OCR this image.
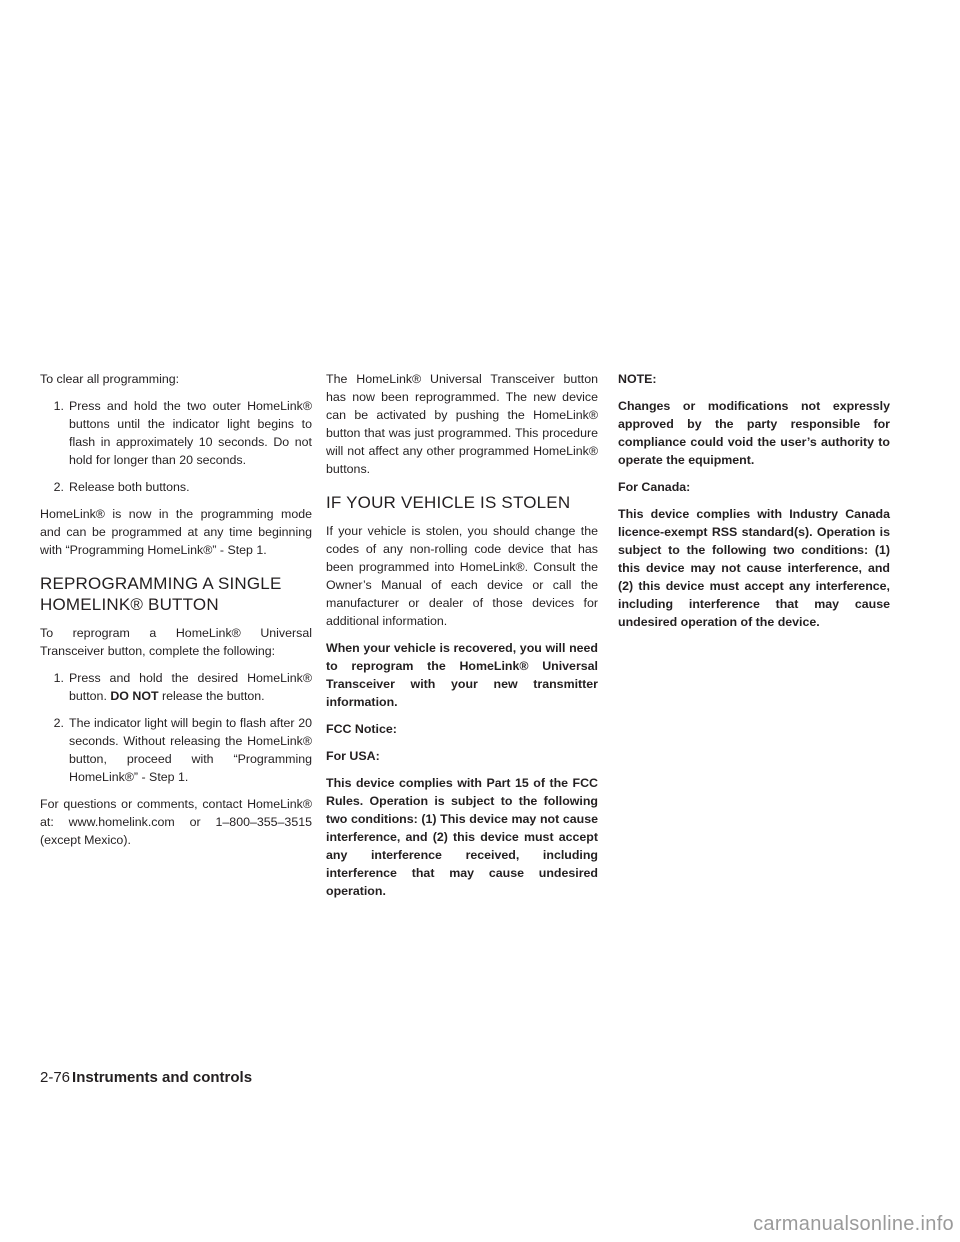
To clear all programming:

1. Press and hold the two outer HomeLink® buttons until the indicator light begins to flash in approximately 10 seconds. Do not hold for longer than 20 seconds.
2. Release both buttons.

HomeLink® is now in the programming mode and can be programmed at any time beginning with “Programming HomeLink®” - Step 1.

REPROGRAMMING A SINGLE
HOMELINK® BUTTON

To reprogram a HomeLink® Universal Transceiver button, complete the following:

1. Press and hold the desired HomeLink® button. DO NOT release the button.
2. The indicator light will begin to flash after 20 seconds. Without releasing the HomeLink® button, proceed with “Programming HomeLink®” - Step 1.

For questions or comments, contact HomeLink® at: www.homelink.com or 1–800–355–3515 (except Mexico).

The HomeLink® Universal Transceiver button has now been reprogrammed. The new device can be activated by pushing the HomeLink® button that was just programmed. This procedure will not affect any other programmed HomeLink® buttons.

IF YOUR VEHICLE IS STOLEN

If your vehicle is stolen, you should change the codes of any non-rolling code device that has been programmed into HomeLink®. Consult the Owner’s Manual of each device or call the manufacturer or dealer of those devices for additional information.

When your vehicle is recovered, you will need to reprogram the HomeLink® Universal Transceiver with your new transmitter information.

FCC Notice:

For USA:

This device complies with Part 15 of the FCC Rules. Operation is subject to the following two conditions: (1) This device may not cause interference, and (2) this device must accept any interference received, including interference that may cause undesired operation.

NOTE:

Changes or modifications not expressly approved by the party responsible for compliance could void the user’s authority to operate the equipment.

For Canada:

This device complies with Industry Canada licence-exempt RSS standard(s). Operation is subject to the following two conditions: (1) this device may not cause interference, and (2) this device must accept any interference, including interference that may cause undesired operation of the device.

2-76 Instruments and controls
carmanualsonline.info
